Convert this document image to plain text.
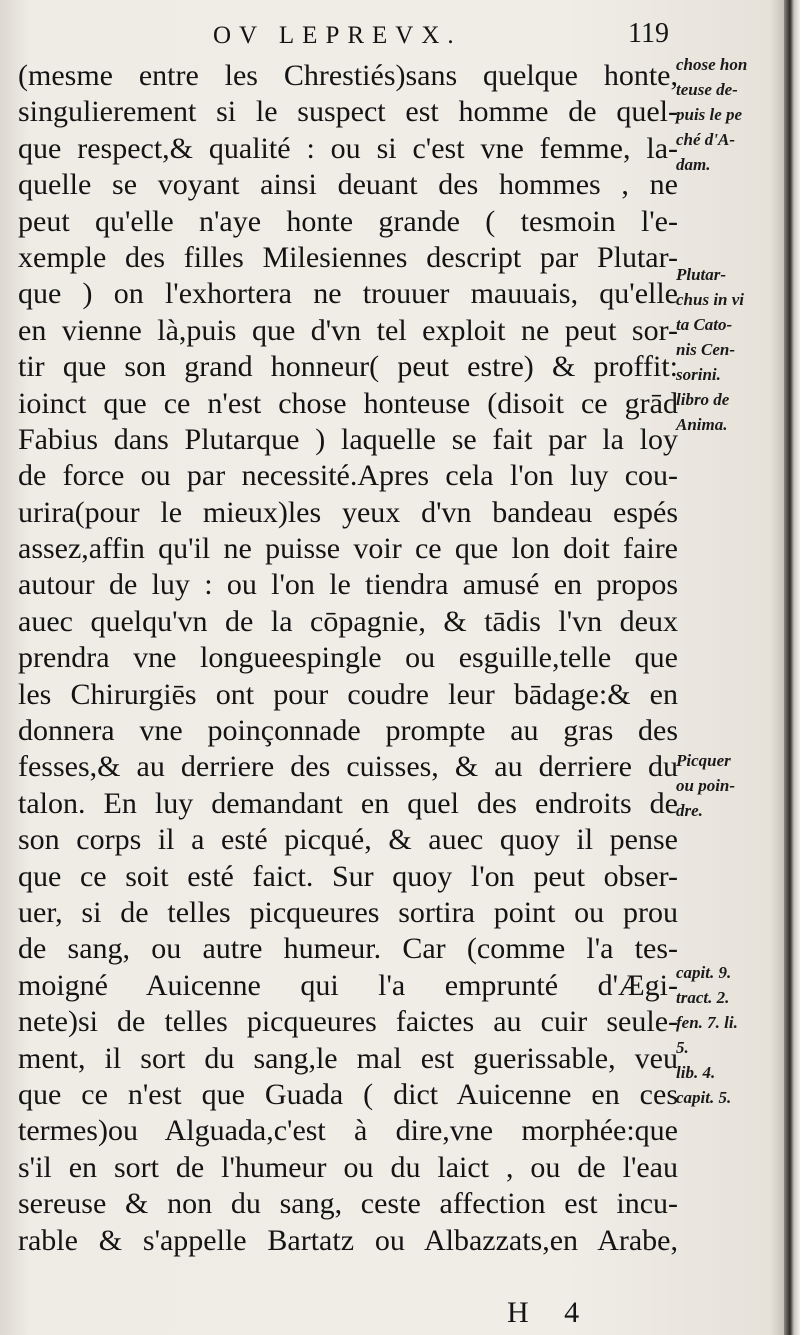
OV LEPREVX.	119
(mesme entre les Chrestiés)sans quelque honte,
singulierement si le suspect est homme de quel-
que respect,& qualité : ou si c'est vne femme, la-
quelle se voyant ainsi deuant des hommes , ne
peut qu'elle n'aye honte grande ( tesmoin l'e-
xemple des filles Milesiennes descript par Plutar-
que ) on l'exhortera ne trouuer mauuais, qu'elle
en vienne là,puis que d'vn tel exploit ne peut sor-
tir que son grand honneur( peut estre) & proffit:
ioinct que ce n'est chose honteuse (disoit ce grād
Fabius dans Plutarque ) laquelle se fait par la loy
de force ou par necessité.Apres cela l'on luy cou-
urira(pour le mieux)les yeux d'vn bandeau espés
assez,affin qu'il ne puisse voir ce que lon doit faire
autour de luy : ou l'on le tiendra amusé en propos
auec quelqu'vn de la cōpagnie, & tādis l'vn deux
prendra vne longueespingle ou esguille,telle que
les Chirurgiēs ont pour coudre leur bādage:& en
donnera vne poinçonnade prompte au gras des
fesses,& au derriere des cuisses, & au derriere du
talon. En luy demandant en quel des endroits de
son corps il a esté picqué, & auec quoy il pense
que ce soit esté faict. Sur quoy l'on peut obser-
uer, si de telles picqueures sortira point ou prou
de sang, ou autre humeur. Car (comme l'a tes-
moigné Auicenne qui l'a emprunté d'Ægi-
nete)si de telles picqueures faictes au cuir seule-
ment, il sort du sang,le mal est guerissable, veu
que ce n'est que Guada ( dict Auicenne en ces
termes)ou Alguada,c'est à dire,vne morphée:que
s'il en sort de l'humeur ou du laict , ou de l'eau
sereuse & non du sang, ceste affection est incu-
rable & s'appelle Bartatz ou Albazzats,en Arabe,
chose hon
teuse de-
puis le pe
ché d'A-
dam.
Plutar-
chus in vi
ta Cato-
nis Cen-
sorini.
libro de
Anima.
Picquer
ou poin-
dre.
capit. 9.
tract. 2.
fen. 7. li.
5.
lib. 4.
capit. 5.
H 4
